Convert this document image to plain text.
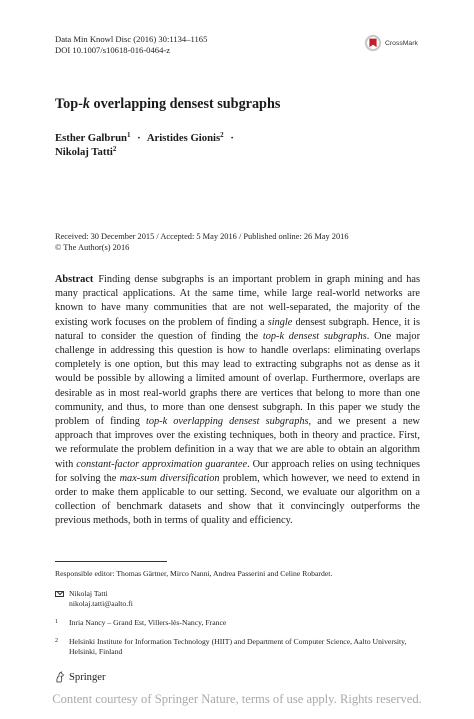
Data Min Knowl Disc (2016) 30:1134–1165
DOI 10.1007/s10618-016-0464-z
CrossMark
Top-k overlapping densest subgraphs
Esther Galbrun$^1$ · Aristides Gionis$^2$ ·
Nikolaj Tatti$^2$
Received: 30 December 2015 / Accepted: 5 May 2016 / Published online: 26 May 2016
© The Author(s) 2016

Abstract Finding dense subgraphs is an important problem in graph mining and has many practical applications. At the same time, while large real-world networks are known to have many communities that are not well-separated, the majority of the existing work focuses on the problem of finding a single densest subgraph. Hence, it is natural to consider the question of finding the top-k densest subgraphs. One major challenge in addressing this question is how to handle overlaps: eliminating overlaps completely is one option, but this may lead to extracting subgraphs not as dense as it would be possible by allowing a limited amount of overlap. Furthermore, overlaps are desirable as in most real-world graphs there are vertices that belong to more than one community, and thus, to more than one densest subgraph. In this paper we study the problem of finding top-k overlapping densest subgraphs, and we present a new approach that improves over the existing techniques, both in theory and practice. First, we reformulate the problem definition in a way that we are able to obtain an algorithm with constant-factor approximation guarantee. Our approach relies on using techniques for solving the max-sum diversification problem, which however, we need to extend in order to make them applicable to our setting. Second, we evaluate our algorithm on a collection of benchmark datasets and show that it convincingly outperforms the previous methods, both in terms of quality and efficiency.

Responsible editor: Thomas Gärtner, Mirco Nanni, Andrea Passerini and Celine Robardet.
Nikolaj Tatti
nikolaj.tatti@aalto.fi
1 Inria Nancy – Grand Est, Villers-lès-Nancy, France
2 Helsinki Institute for Information Technology (HIIT) and Department of Computer Science, Aalto University, Helsinki, Finland
Springer
Content courtesy of Springer Nature, terms of use apply. Rights reserved.
